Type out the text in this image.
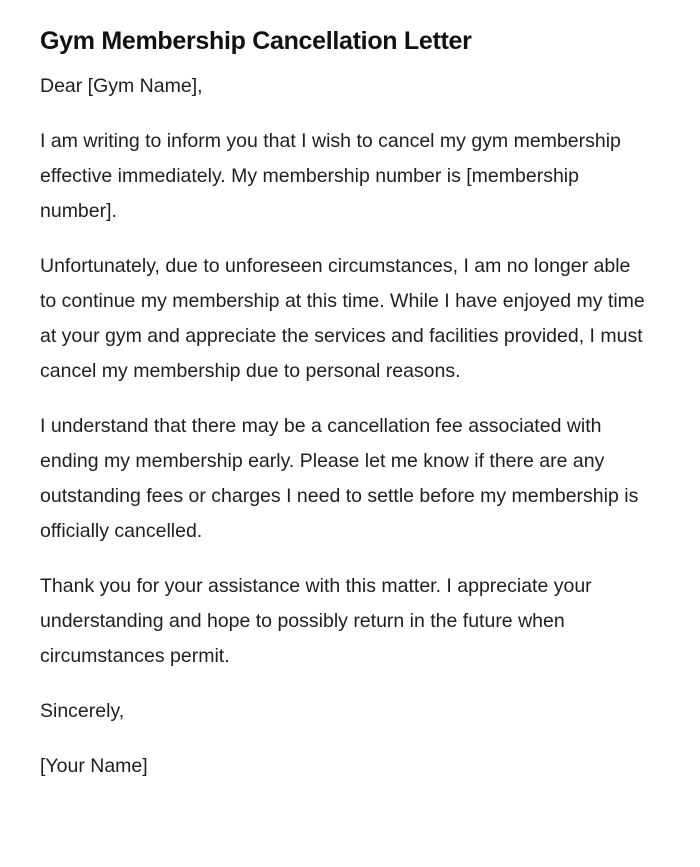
Gym Membership Cancellation Letter

Dear [Gym Name],

I am writing to inform you that I wish to cancel my gym membership effective immediately. My membership number is [membership number].

Unfortunately, due to unforeseen circumstances, I am no longer able to continue my membership at this time. While I have enjoyed my time at your gym and appreciate the services and facilities provided, I must cancel my membership due to personal reasons.

I understand that there may be a cancellation fee associated with ending my membership early. Please let me know if there are any outstanding fees or charges I need to settle before my membership is officially cancelled.

Thank you for your assistance with this matter. I appreciate your understanding and hope to possibly return in the future when circumstances permit.

Sincerely,

[Your Name]
